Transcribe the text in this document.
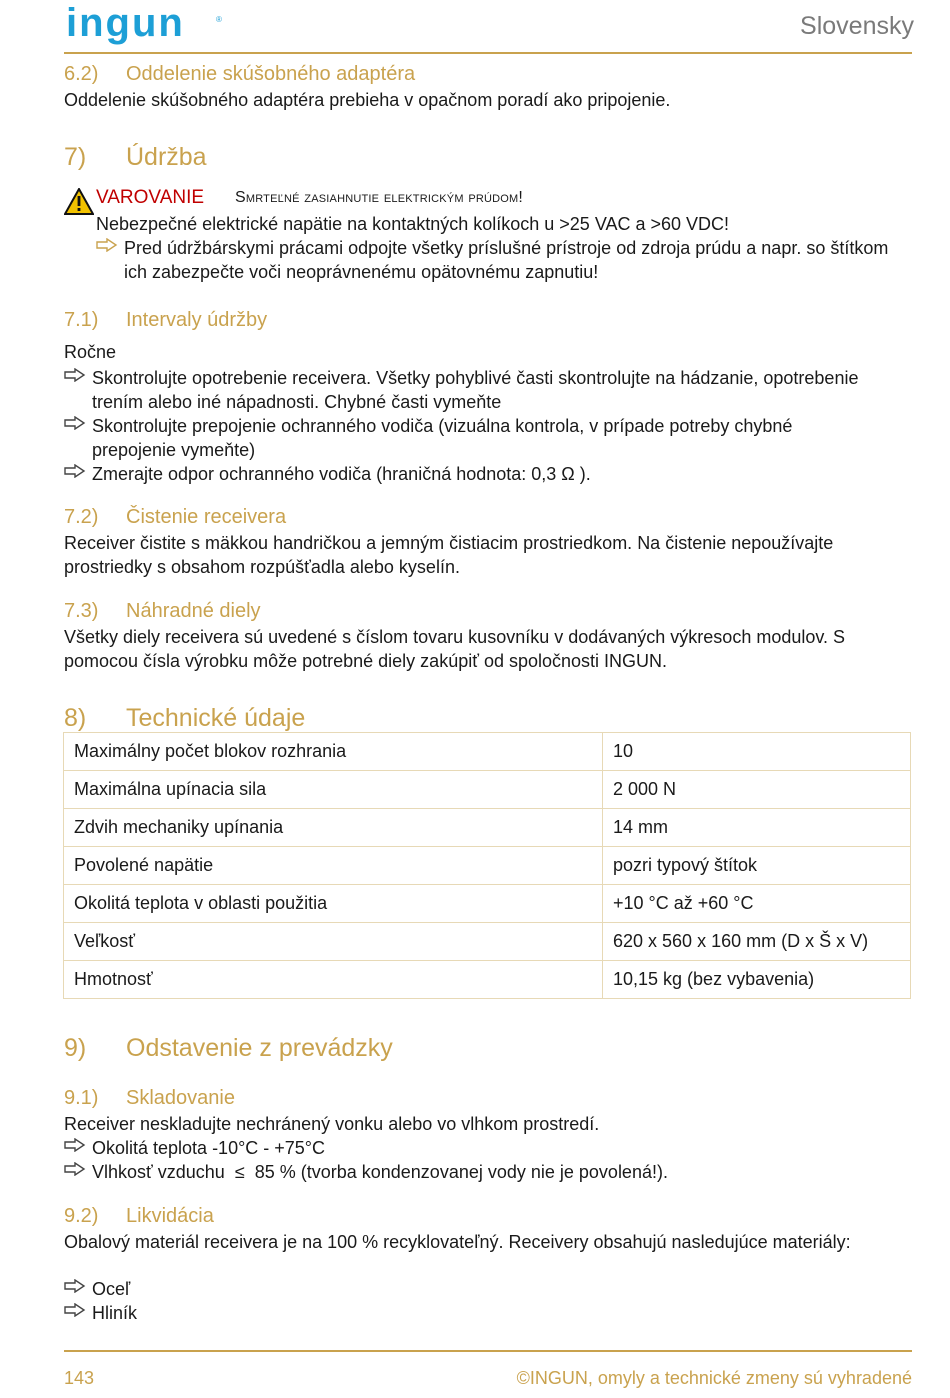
ingun	®	Slovensky
6.2) Oddelenie skúšobného adaptéra
Oddelenie skúšobného adaptéra prebieha v opačnom poradí ako pripojenie.
7) Údržba
VAROVANIE Smrteľné zasiahnutie elektrickým prúdom!
Nebezpečné elektrické napätie na kontaktných kolíkoch u >25 VAC a >60 VDC!
Pred údržbárskymi prácami odpojte všetky príslušné prístroje od zdroja prúdu a napr. so štítkom ich zabezpečte voči neoprávnenému opätovnému zapnutiu!
7.1) Intervaly údržby
Ročne
Skontrolujte opotrebenie receivera. Všetky pohyblivé časti skontrolujte na hádzanie, opotrebenie trením alebo iné nápadnosti. Chybné časti vymeňte
Skontrolujte prepojenie ochranného vodiča (vizuálna kontrola, v prípade potreby chybné prepojenie vymeňte)
Zmerajte odpor ochranného vodiča (hraničná hodnota: 0,3 Ω ).
7.2) Čistenie receivera
Receiver čistite s mäkkou handričkou a jemným čistiacim prostriedkom. Na čistenie nepoužívajte prostriedky s obsahom rozpúšťadla alebo kyselín.
7.3) Náhradné diely
Všetky diely receivera sú uvedené s číslom tovaru kusovníku v dodávaných výkresoch modulov. S pomocou čísla výrobku môže potrebné diely zakúpiť od spoločnosti INGUN.
8) Technické údaje
Maximálny počet blokov rozhrania	10
Maximálna upínacia sila	2 000 N
Zdvih mechaniky upínania	14 mm
Povolené napätie	pozri typový štítok
Okolitá teplota v oblasti použitia	+10 °C až +60 °C
Veľkosť	620 x 560 x 160 mm (D x Š x V)
Hmotnosť	10,15 kg (bez vybavenia)
9) Odstavenie z prevádzky
9.1) Skladovanie
Receiver neskladujte nechránený vonku alebo vo vlhkom prostredí.
Okolitá teplota -10°C - +75°C
Vlhkosť vzduchu  ≤  85 % (tvorba kondenzovanej vody nie je povolená!).
9.2) Likvidácia
Obalový materiál receivera je na 100 % recyklovateľný. Receivery obsahujú nasledujúce materiály:
Oceľ
Hliník
143	©INGUN, omyly a technické zmeny sú vyhradené
